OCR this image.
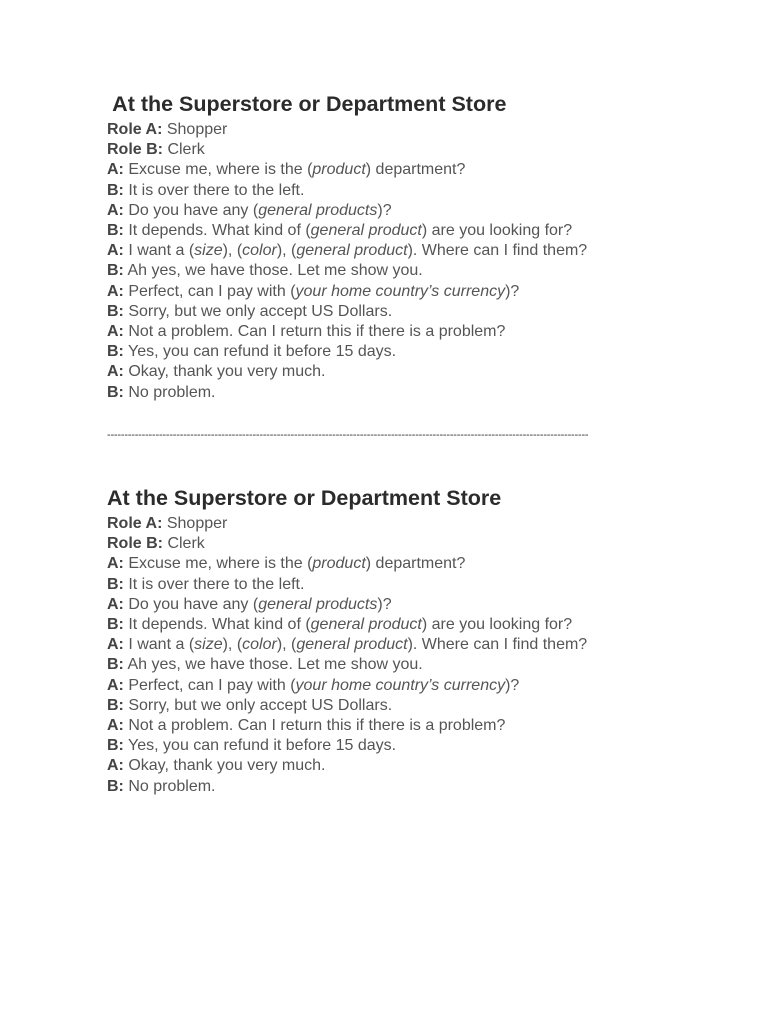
At the Superstore or Department Store
Role A: Shopper
Role B: Clerk
A: Excuse me, where is the (product) department?
B: It is over there to the left.
A: Do you have any (general products)?
B: It depends. What kind of (general product) are you looking for?
A: I want a (size), (color), (general product). Where can I find them?
B: Ah yes, we have those. Let me show you.
A: Perfect, can I pay with (your home country’s currency)?
B: Sorry, but we only accept US Dollars.
A: Not a problem. Can I return this if there is a problem?
B: Yes, you can refund it before 15 days.
A: Okay, thank you very much.
B: No problem.
-------------------------------------------------------------------------------------------------------------------------------------------
At the Superstore or Department Store
Role A: Shopper
Role B: Clerk
A: Excuse me, where is the (product) department?
B: It is over there to the left.
A: Do you have any (general products)?
B: It depends. What kind of (general product) are you looking for?
A: I want a (size), (color), (general product). Where can I find them?
B: Ah yes, we have those. Let me show you.
A: Perfect, can I pay with (your home country’s currency)?
B: Sorry, but we only accept US Dollars.
A: Not a problem. Can I return this if there is a problem?
B: Yes, you can refund it before 15 days.
A: Okay, thank you very much.
B: No problem.
